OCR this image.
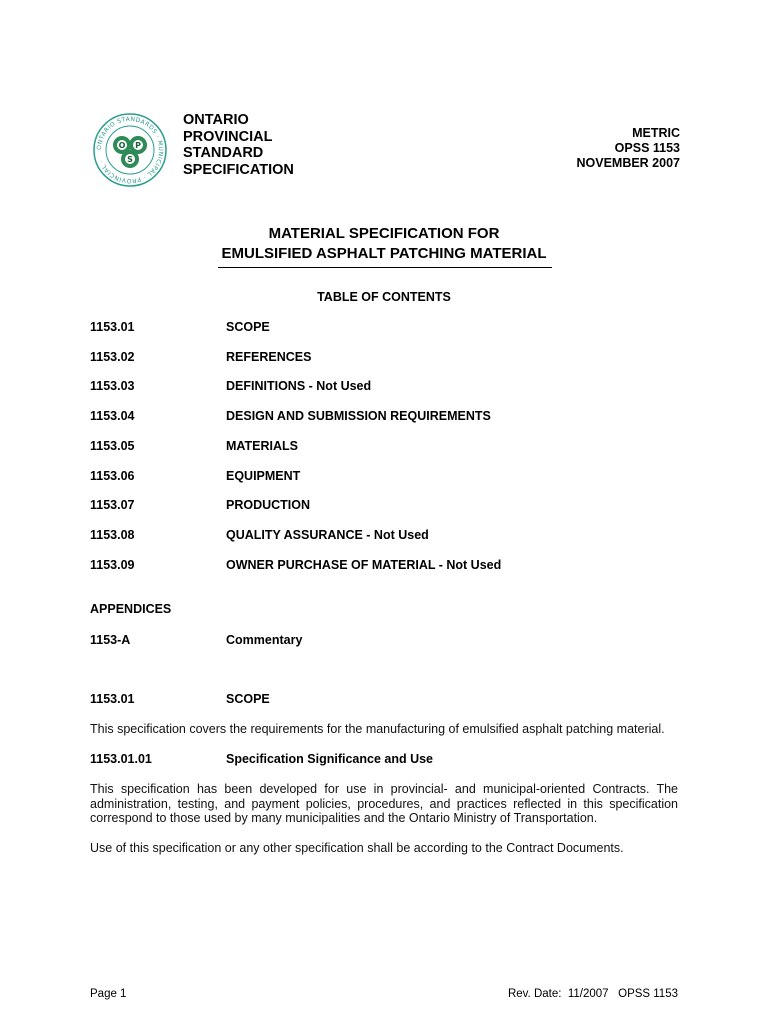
ONTARIO STANDARDS · MUNICIPAL · PROVINCIAL ·
O P
S
ONTARIO
PROVINCIAL
STANDARD
SPECIFICATION
METRIC
OPSS 1153
NOVEMBER 2007
MATERIAL SPECIFICATION FOR
EMULSIFIED ASPHALT PATCHING MATERIAL
TABLE OF CONTENTS
1153.01	SCOPE
1153.02	REFERENCES
1153.03	DEFINITIONS - Not Used
1153.04	DESIGN AND SUBMISSION REQUIREMENTS
1153.05	MATERIALS
1153.06	EQUIPMENT
1153.07	PRODUCTION
1153.08	QUALITY ASSURANCE - Not Used
1153.09	OWNER PURCHASE OF MATERIAL - Not Used
APPENDICES
1153-A	Commentary
1153.01	SCOPE
This specification covers the requirements for the manufacturing of emulsified asphalt patching material.
1153.01.01	Specification Significance and Use
This specification has been developed for use in provincial- and municipal-oriented Contracts. The administration, testing, and payment policies, procedures, and practices reflected in this specification correspond to those used by many municipalities and the Ontario Ministry of Transportation.
Use of this specification or any other specification shall be according to the Contract Documents.
Page 1	Rev. Date:  11/2007   OPSS 1153
